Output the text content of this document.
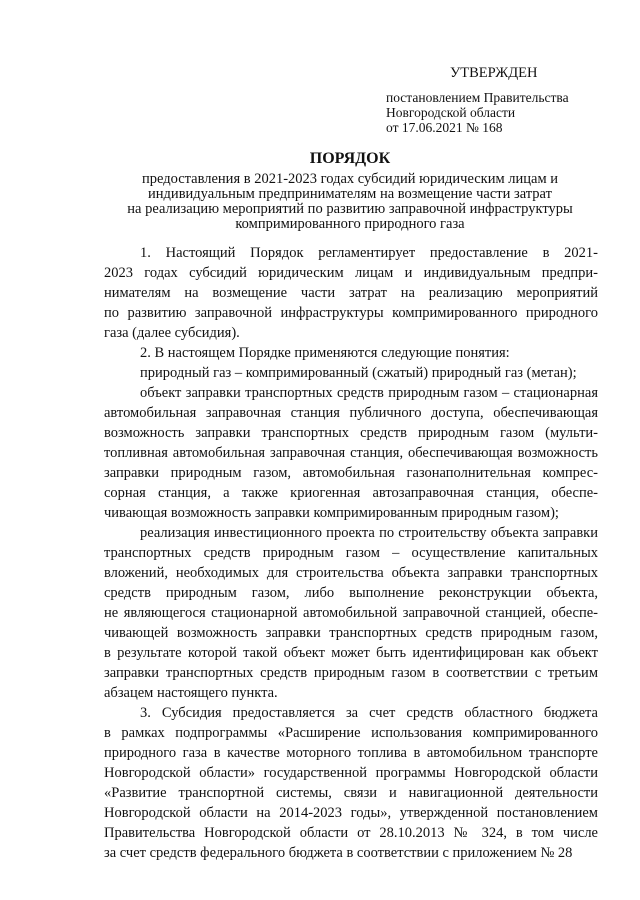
УТВЕРЖДЕН
постановлением Правительства
Новгородской области
от 17.06.2021 № 168
ПОРЯДОК
предоставления в 2021-2023 годах субсидий юридическим лицам и
индивидуальным предпринимателям на возмещение части затрат
на реализацию мероприятий по развитию заправочной инфраструктуры
компримированного природного газа

1. Настоящий Порядок регламентирует предоставление в 2021-

2023 годах субсидий юридическим лицам и индивидуальным предпри-

нимателям на возмещение части затрат на реализацию мероприятий

по развитию заправочной инфраструктуры компримированного природного

газа (далее субсидия).

2. В настоящем Порядке применяются следующие понятия:

природный газ – компримированный (сжатый) природный газ (метан);

объект заправки транспортных средств природным газом – стационарная

автомобильная заправочная станция публичного доступа, обеспечивающая

возможность заправки транспортных средств природным газом (мульти-

топливная автомобильная заправочная станция, обеспечивающая возможность

заправки природным газом, автомобильная газонаполнительная компрес-

сорная станция, а также криогенная автозаправочная станция, обеспе-

чивающая возможность заправки компримированным природным газом);

реализация инвестиционного проекта по строительству объекта заправки

транспортных средств природным газом – осуществление капитальных

вложений, необходимых для строительства объекта заправки транспортных

средств природным газом, либо выполнение реконструкции объекта,

не являющегося стационарной автомобильной заправочной станцией, обеспе-

чивающей возможность заправки транспортных средств природным газом,

в результате которой такой объект может быть идентифицирован как объект

заправки транспортных средств природным газом в соответствии с третьим

абзацем настоящего пункта.

3. Субсидия предоставляется за счет средств областного бюджета

в рамках подпрограммы «Расширение использования компримированного

природного газа в качестве моторного топлива в автомобильном транспорте

Новгородской области» государственной программы Новгородской области

«Развитие транспортной системы, связи и навигационной деятельности

Новгородской области на 2014-2023 годы», утвержденной постановлением

Правительства Новгородской области от 28.10.2013 № 324, в том числе

за счет средств федерального бюджета в соответствии с приложением № 28
